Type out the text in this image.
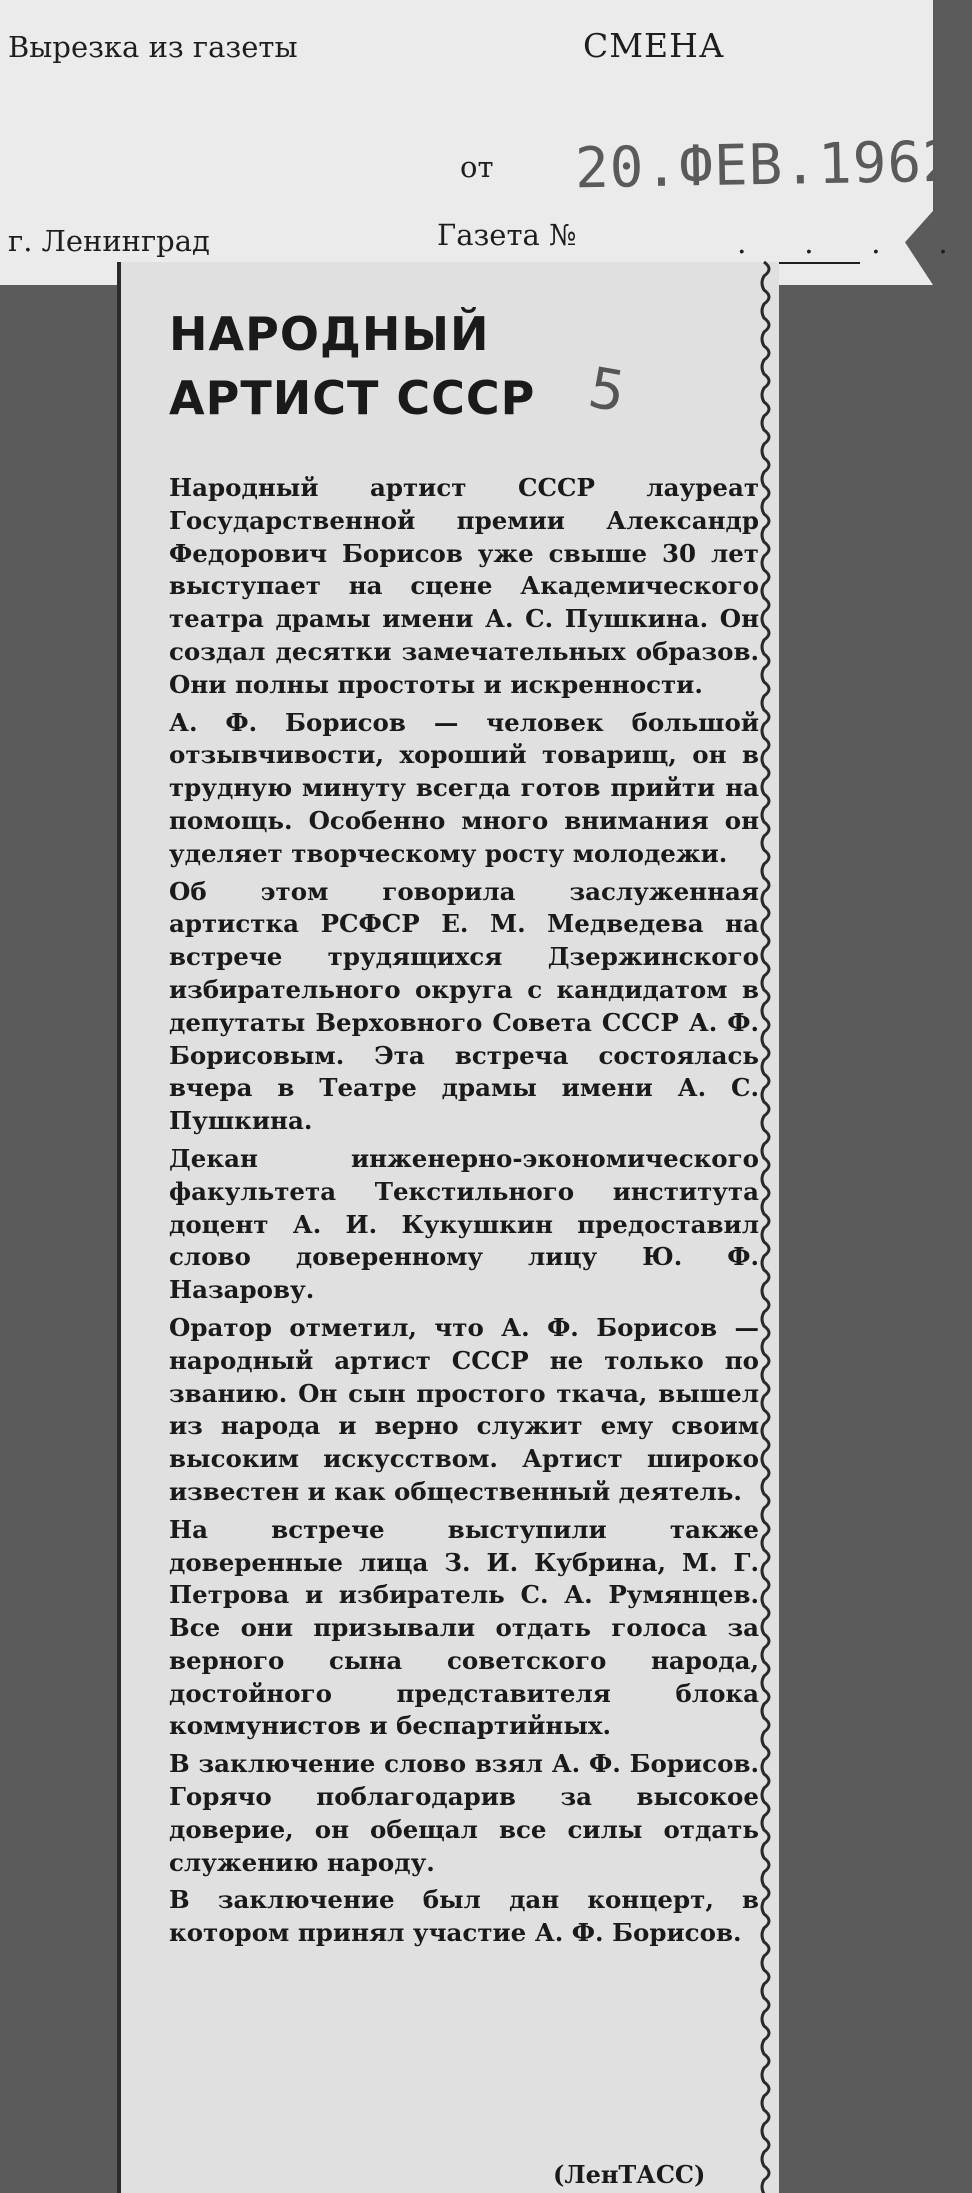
Вырезка из газеты	СМЕНА
от 20.ФЕВ.1962
г. Ленинград	Газета №	. . . .
НАРОДНЫЙ
АРТИСТ СССР 5

Народный артист СССР лауреат Государственной премии Александр Федорович Борисов уже свыше 30 лет выступает на сцене Академического театра драмы имени А. С. Пушкина. Он создал десятки замечательных образов. Они полны простоты и искренности.

А. Ф. Борисов — человек большой отзывчивости, хороший товарищ, он в трудную минуту всегда готов прийти на помощь. Особенно много внимания он уделяет творческому росту молодежи.

Об этом говорила заслуженная артистка РСФСР Е. М. Медведева на встрече трудящихся Дзержинского избирательного округа с кандидатом в депутаты Верховного Совета СССР А. Ф. Борисовым. Эта встреча состоялась вчера в Театре драмы имени А. С. Пушкина.

Декан инженерно-экономического факультета Текстильного института доцент А. И. Кукушкин предоставил слово доверенному лицу Ю. Ф. Назарову.

Оратор отметил, что А. Ф. Борисов — народный артист СССР не только по званию. Он сын простого ткача, вышел из народа и верно служит ему своим высоким искусством. Артист широко известен и как общественный деятель.

На встрече выступили также доверенные лица З. И. Кубрина, М. Г. Петрова и избиратель С. А. Румянцев. Все они призывали отдать голоса за верного сына советского народа, достойного представителя блока коммунистов и беспартийных.

В заключение слово взял А. Ф. Борисов. Горячо поблагодарив за высокое доверие, он обещал все силы отдать служению народу.

В заключение был дан концерт, в котором принял участие А. Ф. Борисов.

(ЛенТАСС)
